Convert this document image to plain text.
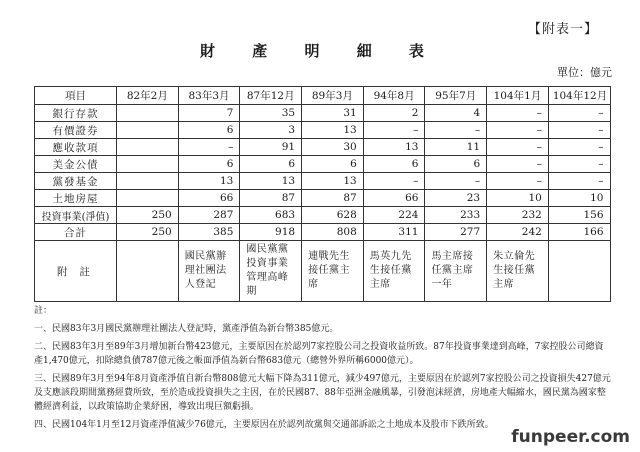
【附表一】
財 產 明 細 表
單位：億元
項目	82年2月	83年3月	87年12月	89年3月	94年8月	95年7月	104年1月	104年12月
銀行存款		7	35	31	2	4	–	–
有價證券		6	3	13	–	–	–	–
應收款項		–	91	30	13	11	–	–
美金公債		6	6	6	6	6	–	–
黨發基金		13	13	13	–	–	–	–
土地房屋		66	87	87	66	23	10	10
投資事業(淨值)	250	287	683	628	224	233	232	156
合計	250	385	918	808	311	277	242	166
附註		國民黨辦理社團法人登記	國民黨黨投資事業管理高峰期	連戰先生接任黨主席	馬英九先生接任黨主席	馬主席接任黨主席一年	朱立倫先生接任黨主席	
註：

一、民國83年3月國民黨辦理社團法人登記時，黨產淨值為新台幣385億元。

二、民國83年3月至89年3月增加新台幣423億元，主要原因在於認列7家控股公司之投資收益所致。87年投資事業達到高峰，7家控股公司總資產1,470億元，扣除總負債787億元後之帳面淨值為新台幣683億元（總營外界所稱6000億元）。

三、民國89年3月至94年8月資產淨值自新台幣808億元大幅下降為311億元，減少497億元，主要原因在於認列7家控股公司之投資損失427億元及支應該段期間黨務經費所致，至於造成投資損失之主因，在於民國87、88年亞洲金融風暴，引發泡沫經濟，房地產大幅縮水，國民黨為國家整體經濟利益，以政策協助企業紓困，導致出現巨額虧損。

四、民國104年1月至12月資產淨值減少76億元，主要原因在於認列故黨與交通部訴訟之土地成本及股市下跌所致。

funpeer.com
